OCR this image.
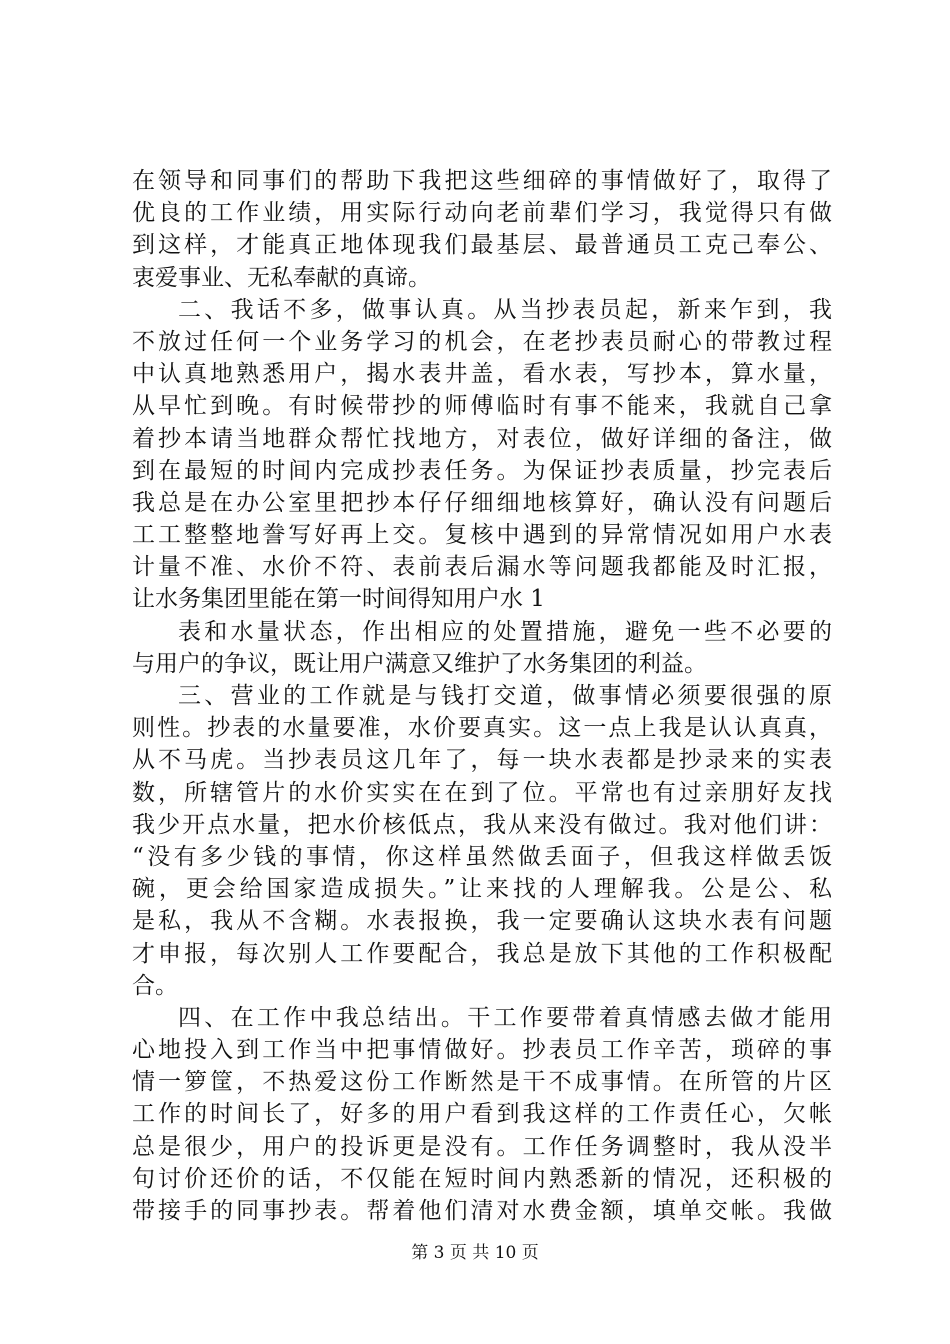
在领导和同事们的帮助下我把这些细碎的事情做好了，取得了
优良的工作业绩，用实际行动向老前辈们学习，我觉得只有做
到这样，才能真正地体现我们最基层、最普通员工克己奉公、
衷爱事业、无私奉献的真谛。
二、我话不多，做事认真。从当抄表员起，新来乍到，我
不放过任何一个业务学习的机会，在老抄表员耐心的带教过程
中认真地熟悉用户，揭水表井盖，看水表，写抄本，算水量，
从早忙到晚。有时候带抄的师傅临时有事不能来，我就自己拿
着抄本请当地群众帮忙找地方，对表位，做好详细的备注，做
到在最短的时间内完成抄表任务。为保证抄表质量，抄完表后
我总是在办公室里把抄本仔仔细细地核算好，确认没有问题后
工工整整地誊写好再上交。复核中遇到的异常情况如用户水表
计量不准、水价不符、表前表后漏水等问题我都能及时汇报，
让水务集团里能在第一时间得知用户水 1
表和水量状态，作出相应的处置措施，避免一些不必要的
与用户的争议，既让用户满意又维护了水务集团的利益。
三、营业的工作就是与钱打交道，做事情必须要很强的原
则性。抄表的水量要准，水价要真实。这一点上我是认认真真，
从不马虎。当抄表员这几年了，每一块水表都是抄录来的实表
数，所辖管片的水价实实在在到了位。平常也有过亲朋好友找
我少开点水量，把水价核低点，我从来没有做过。我对他们讲：
“没有多少钱的事情，你这样虽然做丢面子，但我这样做丢饭
碗，更会给国家造成损失。”让来找的人理解我。公是公、私
是私，我从不含糊。水表报换，我一定要确认这块水表有问题
才申报，每次别人工作要配合，我总是放下其他的工作积极配
合。
四、在工作中我总结出。干工作要带着真情感去做才能用
心地投入到工作当中把事情做好。抄表员工作辛苦，琐碎的事
情一箩筐，不热爱这份工作断然是干不成事情。在所管的片区
工作的时间长了，好多的用户看到我这样的工作责任心，欠帐
总是很少，用户的投诉更是没有。工作任务调整时，我从没半
句讨价还价的话，不仅能在短时间内熟悉新的情况，还积极的
带接手的同事抄表。帮着他们清对水费金额，填单交帐。我做
第 3 页 共 10 页
